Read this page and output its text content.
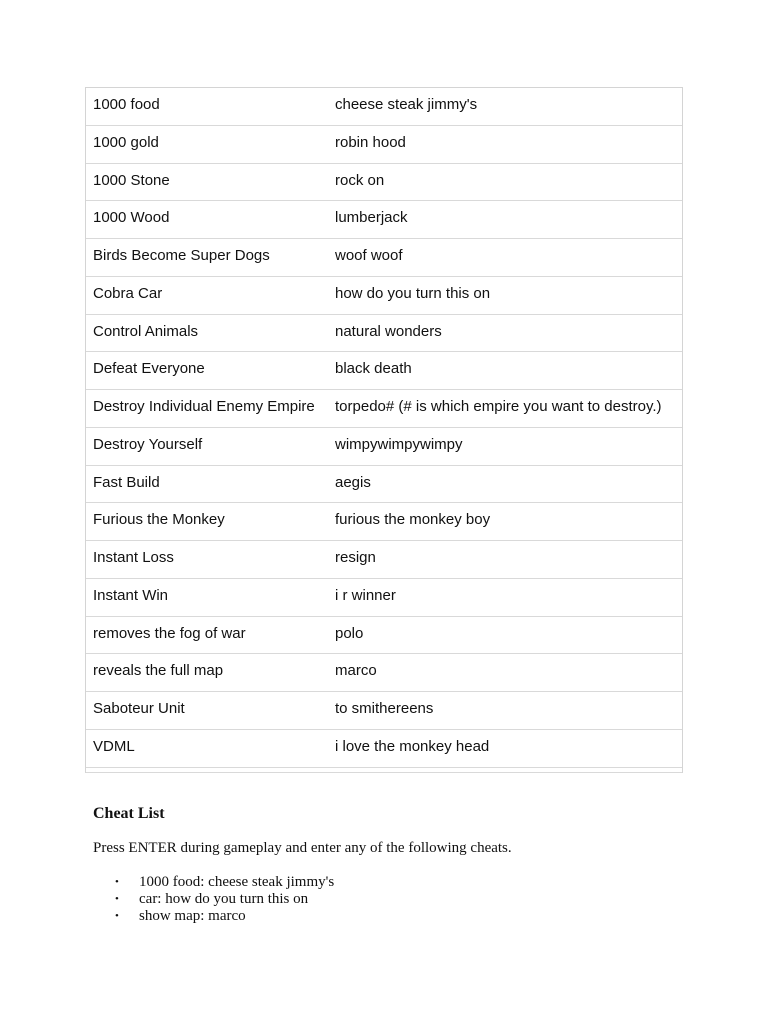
1000 food	cheese steak jimmy's
1000 gold	robin hood
1000 Stone	rock on
1000 Wood	lumberjack
Birds Become Super Dogs	woof woof
Cobra Car	how do you turn this on
Control Animals	natural wonders
Defeat Everyone	black death
Destroy Individual Enemy Empire	torpedo# (# is which empire you want to destroy.)
Destroy Yourself	wimpywimpywimpy
Fast Build	aegis
Furious the Monkey	furious the monkey boy
Instant Loss	resign
Instant Win	i r winner
removes the fog of war	polo
reveals the full map	marco
Saboteur Unit	to smithereens
VDML	i love the monkey head
Cheat List

Press ENTER during gameplay and enter any of the following cheats.

• 1000 food: cheese steak jimmy's
• car: how do you turn this on
• show map: marco
